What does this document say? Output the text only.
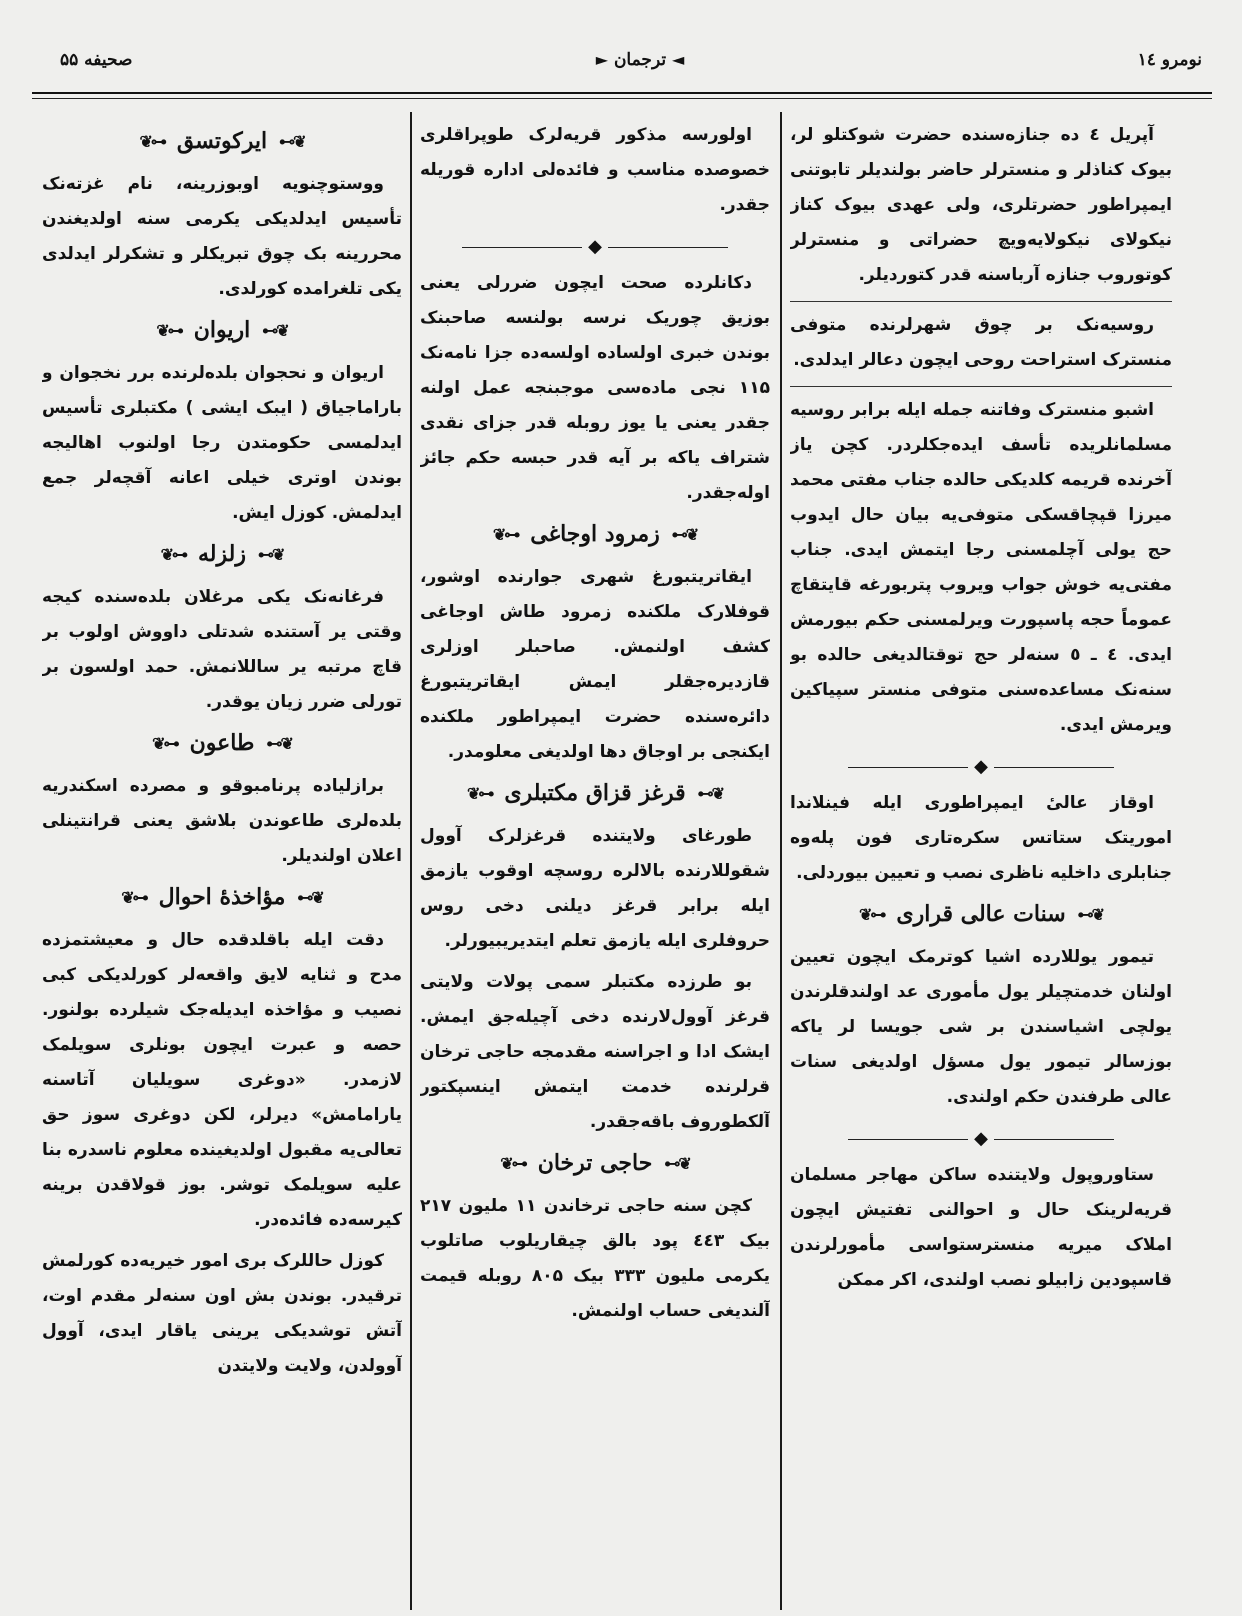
صحیفه ۵۵	◄ ترجمان ►	نومرو ۱٤

آپریل ٤ ده جنازه‌سنده حضرت شوکتلو لر، بیوک کناذلر و منسترلر حاضر بولندیلر تابوتنی ایمپراطور حضرتلری، ولی عهدی بیوک کناز نیکولای نیکولایه‌ویچ حضراتی و منسترلر کوتوروب جنازه آرباسنه قدر کتوردیلر.

روسیه‌نک بر چوق شهرلرنده متوفی منسترک استراحت روحی ایچون دعالر ایدلدی.

اشبو منسترک وفاتنه جمله ایله برابر روسیه مسلمانلریده تأسف ایده‌جکلردر. کچن یاز آخرنده قریمه کلدیکی حالده جناب مفتی محمد میرزا قپچاقسکی متوفی‌یه بیان حال ایدوب حج یولی آچلمسنی رجا ایتمش ایدی. جناب مفتی‌یه خوش جواب ویروب پتربورغه قایتقاچ عموماً حجه پاسپورت ویرلمسنی حکم بیورمش ایدی. ٤ ـ ٥ سنه‌لر حج توقتالدیغی حالده بو سنه‌نک مساعده‌سنی متوفی منستر سپیاکین ویرمش ایدی.

◆

اوقاز عالیٔ ایمپراطوری ایله فینلاندا اموریتک ستاتس سکره‌تاری فون پله‌وه جنابلری داخلیه ناظری نصب و تعیین بیوردلی.

❦⊶
سنات عالی قراری
⊷❦

تیمور یوللارده اشیا کوترمک ایچون تعیین اولنان خدمتچیلر یول مأموری عد اولندقلرندن یولچی اشیاسندن بر شی جویسا لر یاکه بوزسالر تیمور یول مسؤل اولدیغی سنات عالی طرفندن حکم اولندی.

◆

ستاوروپول ولایتنده ساکن مهاجر مسلمان قریه‌لرینک حال و احوالنی تفتیش ایچون املاک میریه منسترستواسی مأمورلرندن قاسپودین زابیلو نصب اولندی، اکر ممکن

اولورسه مذکور قریه‌لرک طوپراقلری خصوصده مناسب و فائده‌لی اداره قوریله جقدر.

◆

دکانلرده صحت ایچون ضررلی یعنی بوزیق چوریک نرسه بولنسه صاحبنک بوندن خبری اولساده اولسه‌ده جزا نامه‌نک ۱۱۵ نجی ماده‌سی موجبنجه عمل اولنه جقدر یعنی یا یوز روبله قدر جزای نقدی شتراف یاکه بر آیه قدر حبسه حکم جائز اوله‌جقدر.

❦⊶
زمرود اوجاغی
⊷❦

ایقاتریتبورغ شهری جوارنده اوشور، قوفلارک ملکنده زمرود طاش اوجاغی کشف اولنمش. صاحبلر اوزلری قازدیره‌جقلر ایمش ایقاتریتبورغ دائره‌سنده حضرت ایمپراطور ملکنده ایکنجی بر اوجاق دها اولدیغی معلومدر.

❦⊶
قرغز قزاق مکتبلری
⊷❦

طورغای ولایتنده قرغزلرک آوول شقوللارنده بالالره روسچه اوقوب یازمق ایله برابر قرغز دیلنی دخی روس حروفلری ایله یازمق تعلم ایتدیریبیورلر.

بو طرزده مکتبلر سمی پولات ولایتی قرغز آوول‌لارنده دخی آچیله‌جق ایمش. ایشک ادا و اجراسنه مقدمجه حاجی ترخان قرلرنده خدمت ایتمش اینسپکتور آلکطوروف باقه‌جقدر.

❦⊶
حاجی ترخان
⊷❦

کچن سنه حاجی ترخاندن ۱۱ ملیون ۲۱۷ بیک ٤٤۳ پود بالق چیقاریلوب صاتلوب یکرمی ملیون ۳۳۳ بیک ۸۰۵ روبله قیمت آلندیغی حساب اولنمش.

❦⊶
ایرکوتسق
⊷❦

ووستوچنویه اوبوزرینه، نام غزته‌نک تأسیس ایدلدیکی یکرمی سنه اولدیغندن محررینه بک چوق تبریکلر و تشکرلر ایدلدی یکی تلغرامده کورلدی.

❦⊶
اریوان
⊷❦

اریوان و نحجوان بلده‌لرنده برر نخجوان و باراماجیاق ( ایبک ایشی ) مکتبلری تأسیس ایدلمسی حکومتدن رجا اولنوب اهالیجه بوندن اوتری خیلی اعانه آقچه‌لر جمع ایدلمش. کوزل ایش.

❦⊶
زلزله
⊷❦

فرغانه‌نک یکی مرغلان بلده‌سنده کیجه وقتی یر آستنده شدتلی داووش اولوب بر قاچ مرتبه یر ساللانمش. حمد اولسون بر تورلی ضرر زیان یوقدر.

❦⊶
طاعون
⊷❦

برازلیاده پرنامبوقو و مصرده اسکندریه بلده‌لری طاعوندن بلاشق یعنی قرانتینلی اعلان اولندیلر.

❦⊶
مؤاخذهٔ احوال
⊷❦

دقت ایله باقلدقده حال و معیشتمزده مدح و ثنایه لایق واقعه‌لر کورلدیکی کبی نصیب و مؤاخذه ایدیله‌جک شیلرده بولنور. حصه و عبرت ایچون بونلری سویلمک لازمدر. «دوغری سویلیان آتاسنه یارامامش» دیرلر، لکن دوغری سوز حق تعالی‌یه مقبول اولدیغینده معلوم ناسدره بنا علیه سویلمک توشر. بوز قولاقدن برینه کیرسه‌ده فائده‌در.

کوزل حاللرک بری امور خیریه‌ده کورلمش ترقیدر. بوندن بش اون سنه‌لر مقدم اوت، آتش توشدیکی یرینی یاقار ایدی، آوول آوولدن، ولایت ولایتدن
